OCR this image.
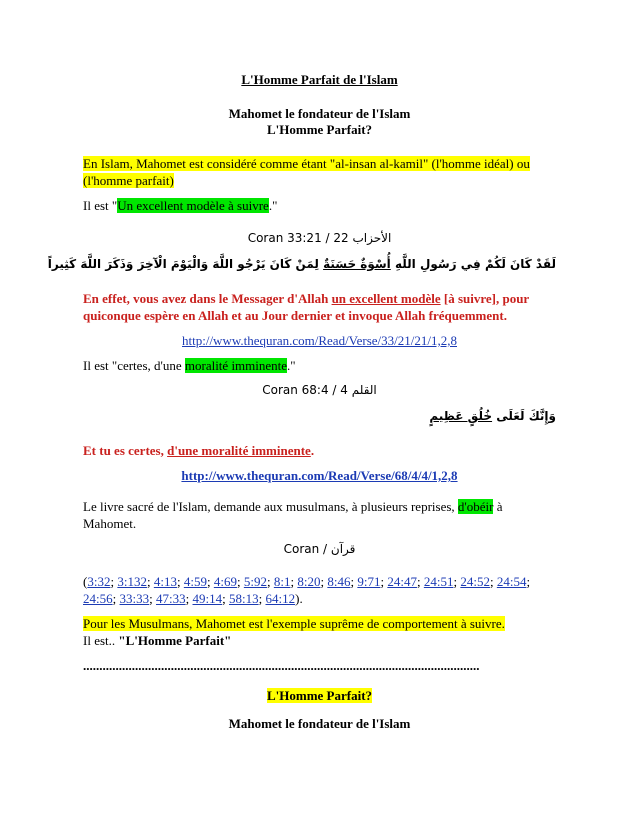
L'Homme Parfait de l'Islam
Mahomet le fondateur de l'Islam
L'Homme Parfait?
En Islam, Mahomet est considéré comme étant "al-insan al-kamil" (l'homme idéal) ou
(l'homme parfait)
Il est "Un excellent modèle à suivre."
Coran 33:21 / 22 الأحزاب
لَقَدْ كَانَ لَكُمْ فِي رَسُولِ اللَّهِ أُسْوَةٌ حَسَنَةٌ لِمَنْ كَانَ يَرْجُو اللَّهَ وَالْيَوْمَ الْآخِرَ وَذَكَرَ اللَّهَ كَثِيراً
En effet, vous avez dans le Messager d'Allah un excellent modèle [à suivre], pour
quiconque espère en Allah et au Jour dernier et invoque Allah fréquemment.
http://www.thequran.com/Read/Verse/33/21/21/1,2,8
Il est "certes, d'une moralité imminente."
Coran 68:4 / 4 القلم
وَإِنَّكَ لَعَلَى خُلُقٍ عَظِيمٍ
Et tu es certes, d'une moralité imminente.
http://www.thequran.com/Read/Verse/68/4/4/1,2,8
Le livre sacré de l'Islam, demande aux musulmans, à plusieurs reprises, d'obéir à
Mahomet.
Coran / قرآن
(3:32; 3:132; 4:13; 4:59; 4:69; 5:92; 8:1; 8:20; 8:46; 9:71; 24:47; 24:51; 24:52; 24:54;
24:56; 33:33; 47:33; 49:14; 58:13; 64:12).
Pour les Musulmans, Mahomet est l'exemple suprême de comportement à suivre.
Il est.. "L'Homme Parfait"
..........................................................................................................................
L'Homme Parfait?
Mahomet le fondateur de l'Islam
